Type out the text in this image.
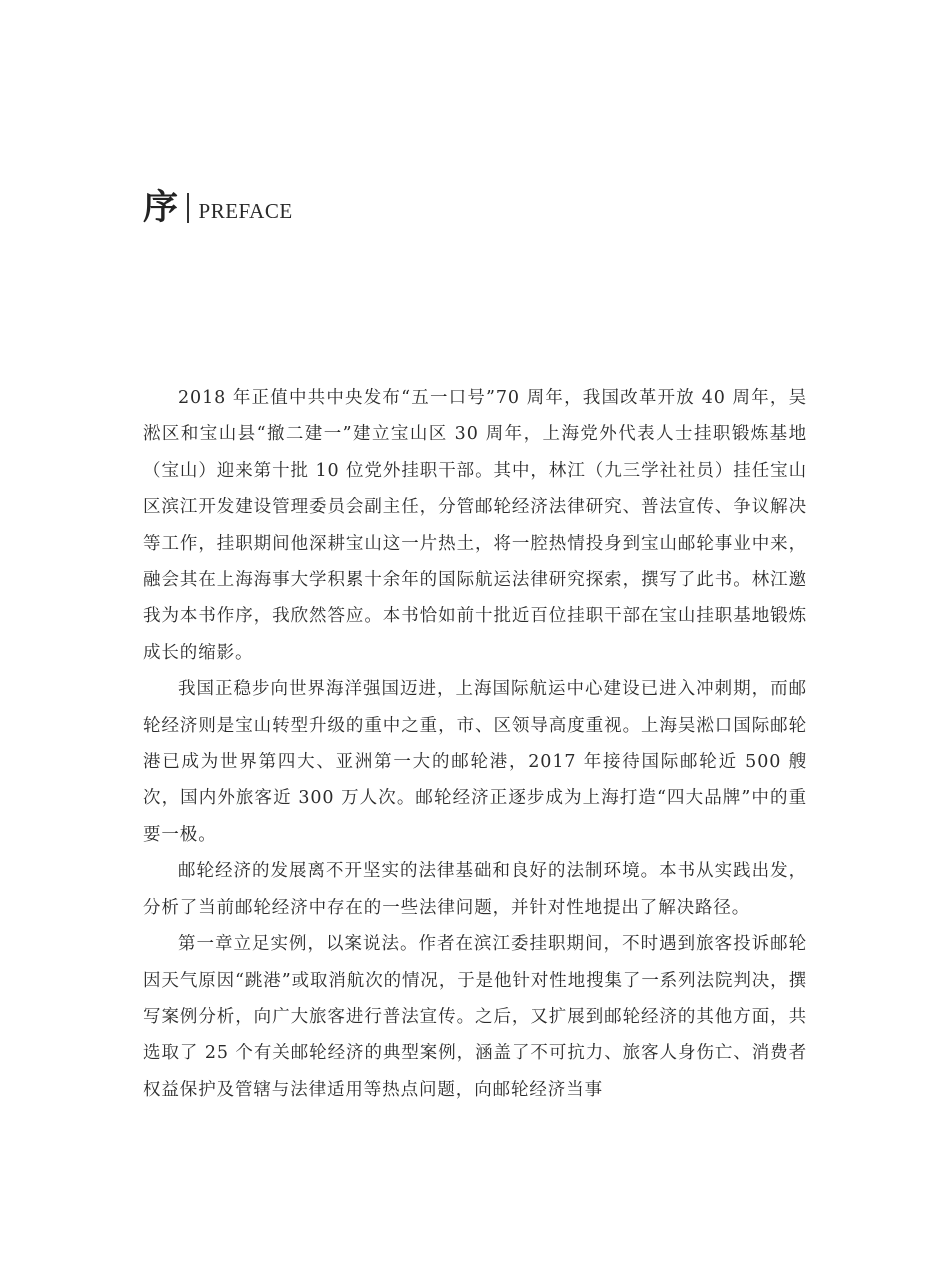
序 PREFACE

2018 年正值中共中央发布“五一口号”70 周年，我国改革开放 40 周年，吴淞区和宝山县“撤二建一”建立宝山区 30 周年，上海党外代表人士挂职锻炼基地（宝山）迎来第十批 10 位党外挂职干部。其中，林江（九三学社社员）挂任宝山区滨江开发建设管理委员会副主任，分管邮轮经济法律研究、普法宣传、争议解决等工作，挂职期间他深耕宝山这一片热土，将一腔热情投身到宝山邮轮事业中来，融会其在上海海事大学积累十余年的国际航运法律研究探索，撰写了此书。林江邀我为本书作序，我欣然答应。本书恰如前十批近百位挂职干部在宝山挂职基地锻炼成长的缩影。

我国正稳步向世界海洋强国迈进，上海国际航运中心建设已进入冲刺期，而邮轮经济则是宝山转型升级的重中之重，市、区领导高度重视。上海吴淞口国际邮轮港已成为世界第四大、亚洲第一大的邮轮港，2017 年接待国际邮轮近 500 艘次，国内外旅客近 300 万人次。邮轮经济正逐步成为上海打造“四大品牌”中的重要一极。

邮轮经济的发展离不开坚实的法律基础和良好的法制环境。本书从实践出发，分析了当前邮轮经济中存在的一些法律问题，并针对性地提出了解决路径。

第一章立足实例，以案说法。作者在滨江委挂职期间，不时遇到旅客投诉邮轮因天气原因“跳港”或取消航次的情况，于是他针对性地搜集了一系列法院判决，撰写案例分析，向广大旅客进行普法宣传。之后，又扩展到邮轮经济的其他方面，共选取了 25 个有关邮轮经济的典型案例，涵盖了不可抗力、旅客人身伤亡、消费者权益保护及管辖与法律适用等热点问题，向邮轮经济当事
